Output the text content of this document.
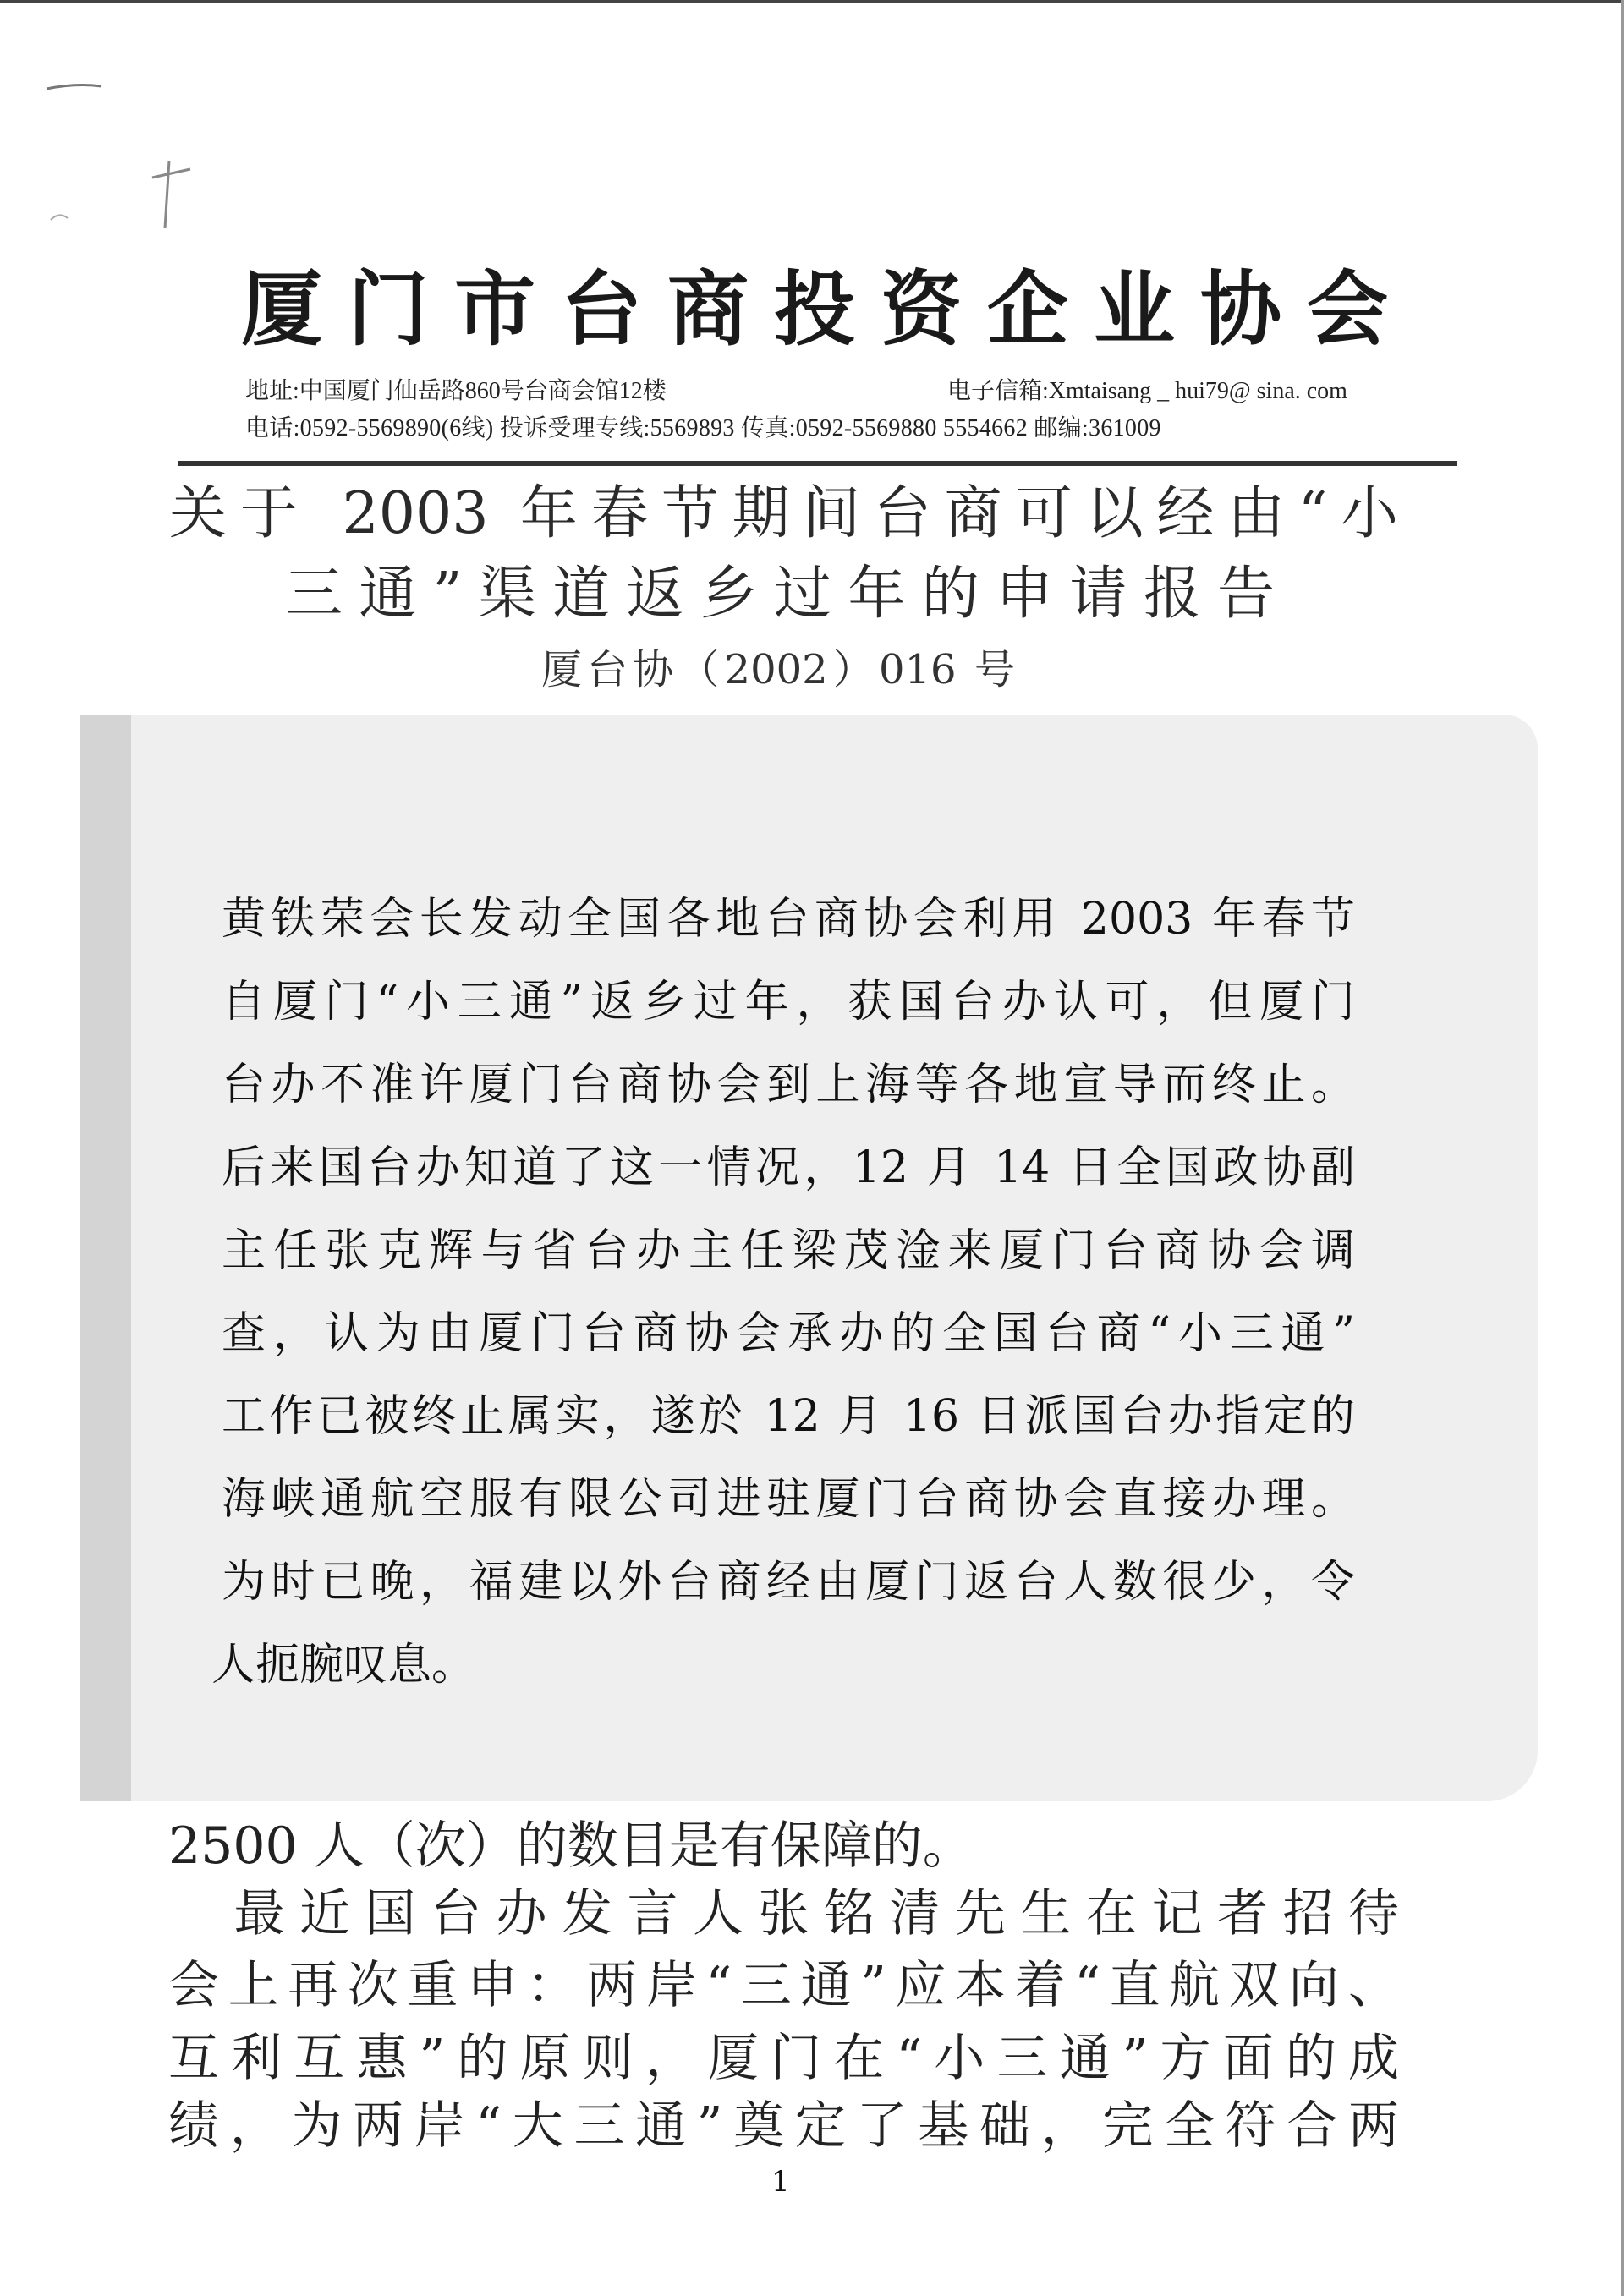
厦门市台商投资企业协会
地址:中国厦门仙岳路860号台商会馆12楼	电子信箱:Xmtaisang _ hui79@ sina. com
电话:0592-5569890(6线) 投诉受理专线:5569893 传真:0592-5569880 5554662 邮编:361009
关于 2003 年春节期间台商可以经由“小
三通”渠道返乡过年的申请报告
厦台协（2002）016 号
黄铁荣会长发动全国各地台商协会利用 2003 年春节
自厦门“小三通”返乡过年，获国台办认可，但厦门
台办不准许厦门台商协会到上海等各地宣导而终止。
后来国台办知道了这一情况，12 月 14 日全国政协副
主任张克辉与省台办主任梁茂淦来厦门台商协会调
查，认为由厦门台商协会承办的全国台商“小三通”
工作已被终止属实，遂於 12 月 16 日派国台办指定的
海峡通航空服有限公司进驻厦门台商协会直接办理。
为时已晚，福建以外台商经由厦门返台人数很少，令
人扼腕叹息。
2500 人（次）的数目是有保障的。
　最近国台办发言人张铭清先生在记者招待
会上再次重申：两岸“三通”应本着“直航双向、
互利互惠”的原则，厦门在“小三通”方面的成
绩，为两岸“大三通”奠定了基础，完全符合两
1
